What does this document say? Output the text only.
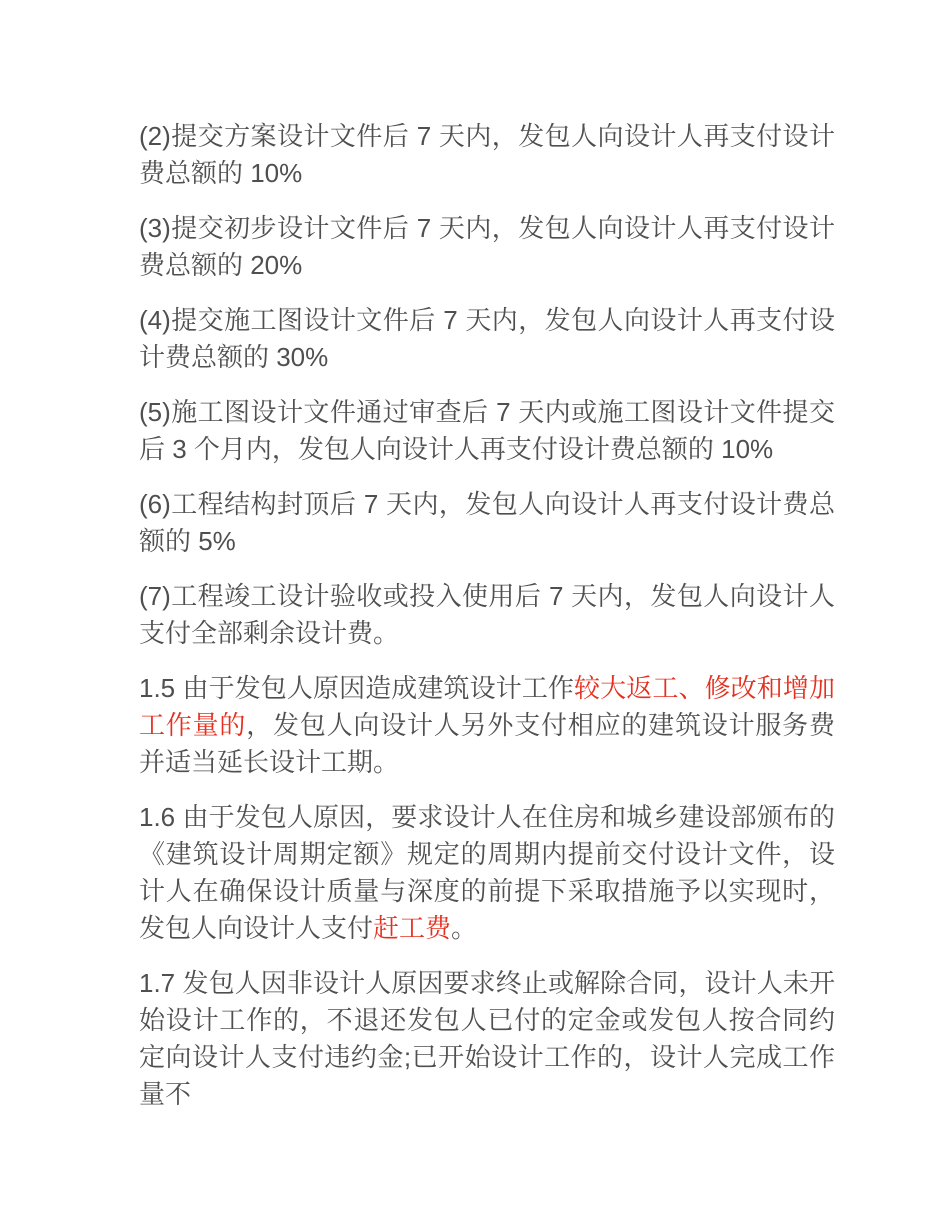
(2)提交方案设计文件后 7 天内，发包人向设计人再支付设计费总额的 10%

(3)提交初步设计文件后 7 天内，发包人向设计人再支付设计费总额的 20%

(4)提交施工图设计文件后 7 天内，发包人向设计人再支付设计费总额的 30%

(5)施工图设计文件通过审查后 7 天内或施工图设计文件提交后 3 个月内，发包人向设计人再支付设计费总额的 10%

(6)工程结构封顶后 7 天内，发包人向设计人再支付设计费总额的 5%

(7)工程竣工设计验收或投入使用后 7 天内，发包人向设计人支付全部剩余设计费。

1.5 由于发包人原因造成建筑设计工作较大返工、修改和增加工作量的，发包人向设计人另外支付相应的建筑设计服务费并适当延长设计工期。

1.6 由于发包人原因，要求设计人在住房和城乡建设部颁布的《建筑设计周期定额》规定的周期内提前交付设计文件，设计人在确保设计质量与深度的前提下采取措施予以实现时，发包人向设计人支付赶工费。

1.7 发包人因非设计人原因要求终止或解除合同，设计人未开始设计工作的，不退还发包人已付的定金或发包人按合同约定向设计人支付违约金;已开始设计工作的，设计人完成工作量不
